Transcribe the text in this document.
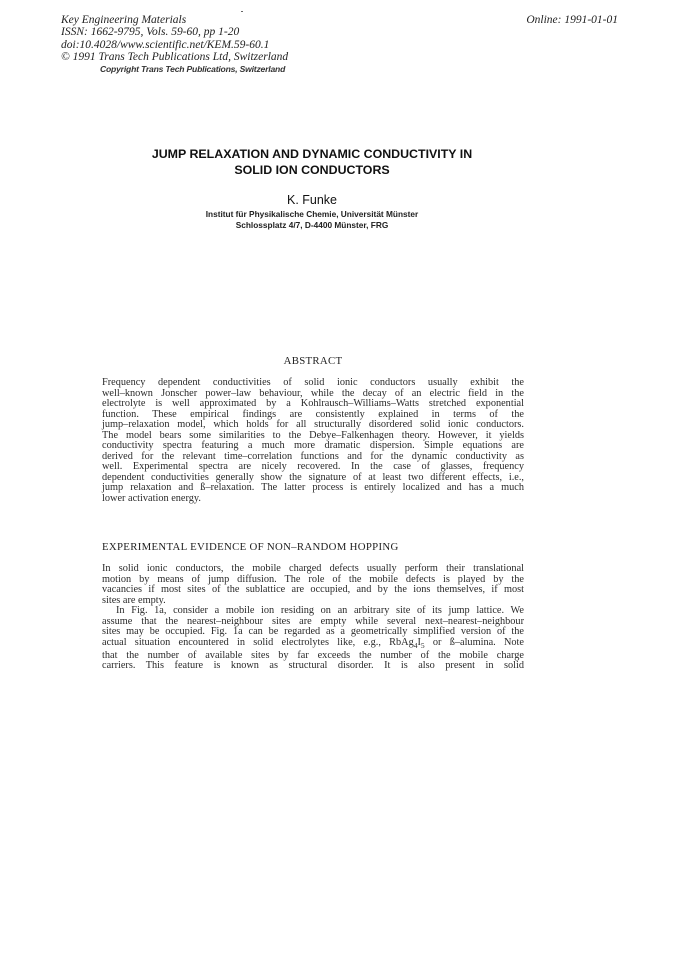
Key Engineering Materials
ISSN: 1662-9795, Vols. 59-60, pp 1-20
doi:10.4028/www.scientific.net/KEM.59-60.1
© 1991 Trans Tech Publications Ltd, Switzerland
Online: 1991-01-01
Copyright Trans Tech Publications, Switzerland
JUMP RELAXATION AND DYNAMIC CONDUCTIVITY IN
SOLID ION CONDUCTORS
K. Funke
Institut für Physikalische Chemie, Universität Münster
Schlossplatz 4/7, D-4400 Münster, FRG
ABSTRACT
Frequency dependent conductivities of solid ionic conductors usually exhibit the
well–known Jonscher power–law behaviour, while the decay of an electric field in the
electrolyte is well approximated by a Kohlrausch–Williams–Watts stretched exponential
function. These empirical findings are consistently explained in terms of the
jump–relaxation model, which holds for all structurally disordered solid ionic conductors.
The model bears some similarities to the Debye–Falkenhagen theory. However, it yields
conductivity spectra featuring a much more dramatic dispersion. Simple equations are
derived for the relevant time–correlation functions and for the dynamic conductivity as
well. Experimental spectra are nicely recovered. In the case of glasses, frequency
dependent conductivities generally show the signature of at least two different effects, i.e.,
jump relaxation and ß–relaxation. The latter process is entirely localized and has a much
lower activation energy.
EXPERIMENTAL EVIDENCE OF NON–RANDOM HOPPING
In solid ionic conductors, the mobile charged defects usually perform their translational
motion by means of jump diffusion. The role of the mobile defects is played by the
vacancies if most sites of the sublattice are occupied, and by the ions themselves, if most
sites are empty.
In Fig. 1a, consider a mobile ion residing on an arbitrary site of its jump lattice. We
assume that the nearest–neighbour sites are empty while several next–nearest–neighbour
sites may be occupied. Fig. 1a can be regarded as a geometrically simplified version of the
actual situation encountered in solid electrolytes like, e.g., $RbAg_4I_5$ or ß–alumina. Note
that the number of available sites by far exceeds the number of the mobile charge
carriers. This feature is known as structural disorder. It is also present in solid
